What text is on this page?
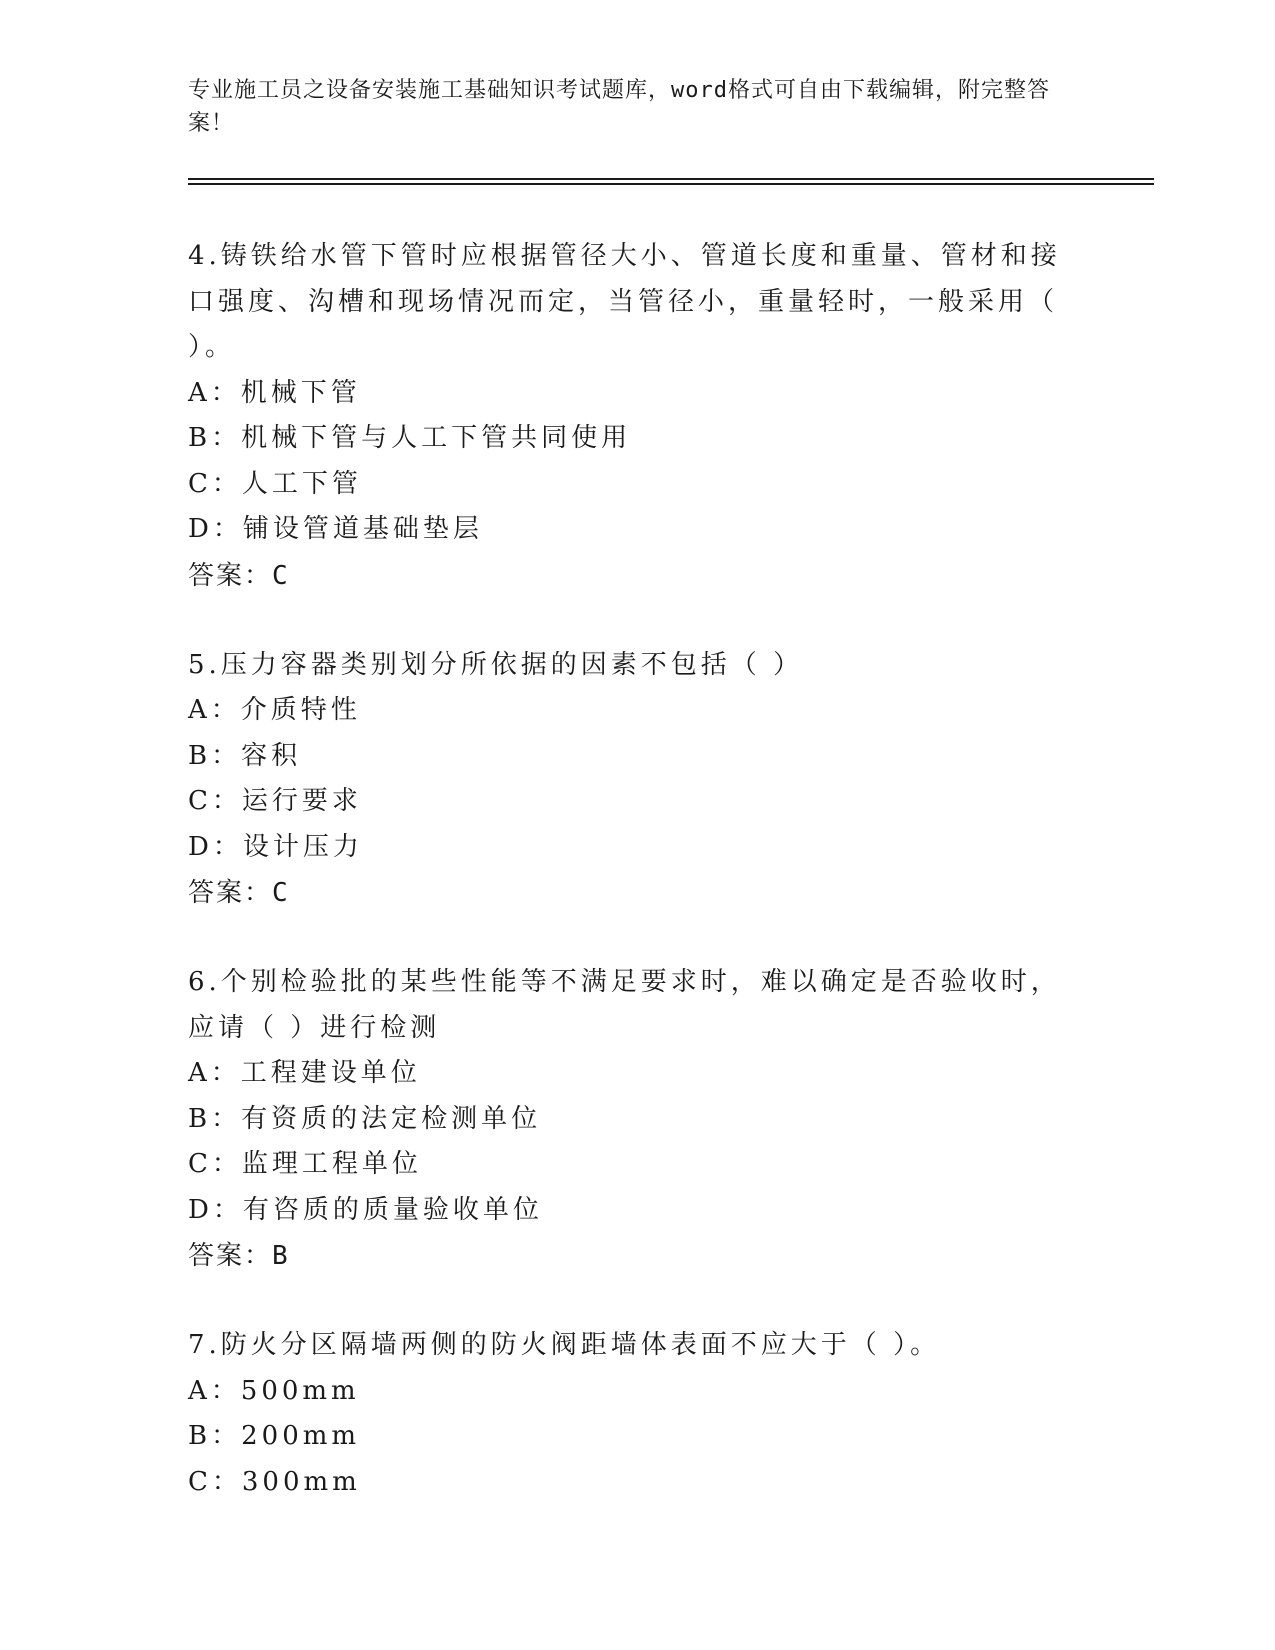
专业施工员之设备安装施工基础知识考试题库，word格式可自由下载编辑，附完整答案！
4.铸铁给水管下管时应根据管径大小、管道长度和重量、管材和接口强度、沟槽和现场情况而定，当管径小，重量轻时，一般采用（ ）。
A：机械下管
B：机械下管与人工下管共同使用
C：人工下管
D：铺设管道基础垫层
答案：C
5.压力容器类别划分所依据的因素不包括（ ）
A：介质特性
B：容积
C：运行要求
D：设计压力
答案：C
6.个别检验批的某些性能等不满足要求时，难以确定是否验收时，应请（ ）进行检测
A：工程建设单位
B：有资质的法定检测单位
C：监理工程单位
D：有咨质的质量验收单位
答案：B
7.防火分区隔墙两侧的防火阀距墙体表面不应大于（ ）。
A：500mm
B：200mm
C：300mm
